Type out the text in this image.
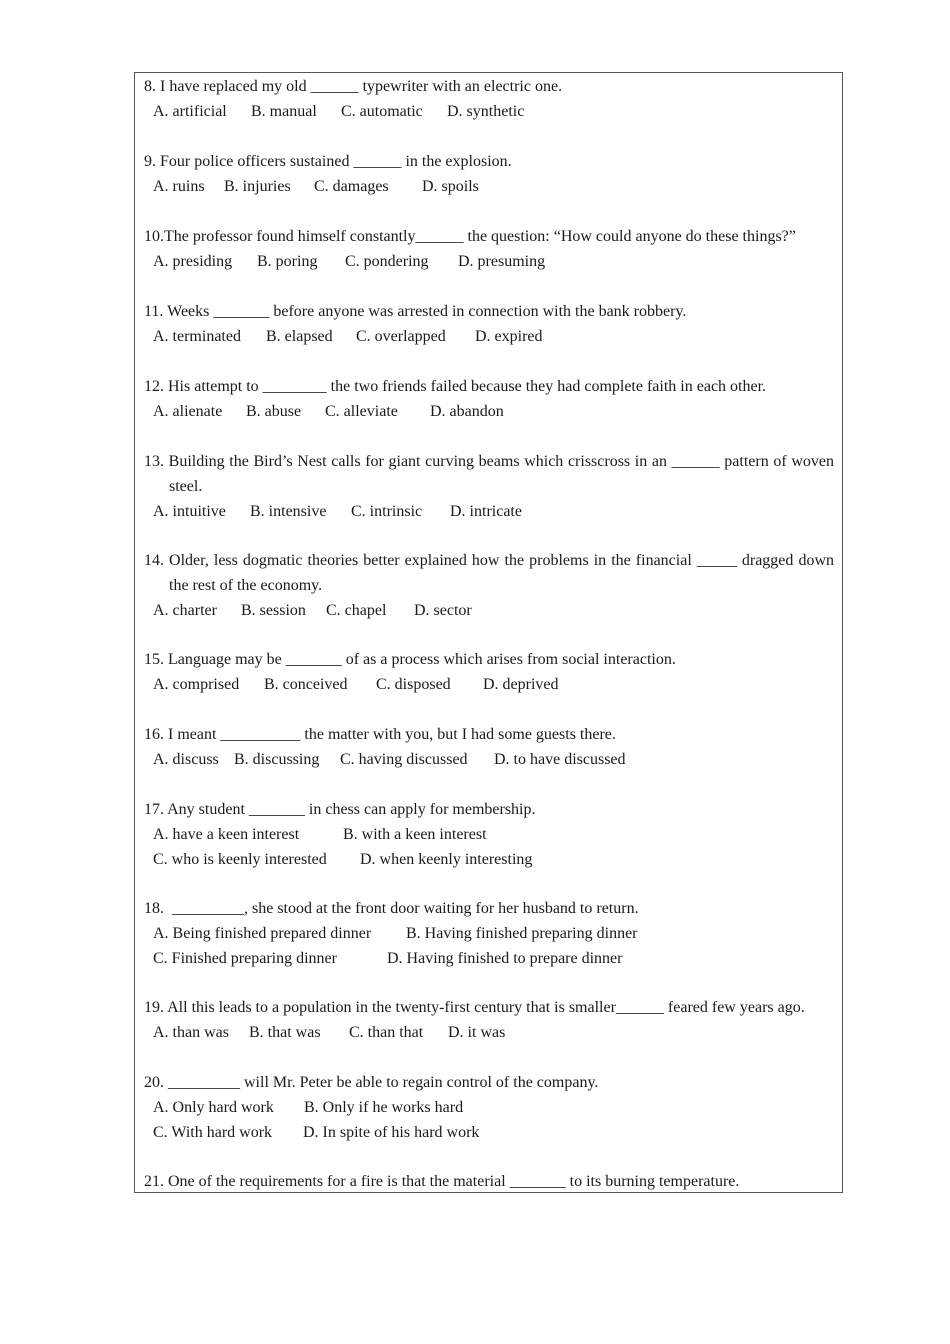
8. I have replaced my old ______ typewriter with an electric one.
A. artificial B. manual C. automatic D. synthetic
9. Four police officers sustained ______ in the explosion.
A. ruins B. injuries C. damages D. spoils
10.The professor found himself constantly______ the question: “How could anyone do these things?”
A. presiding B. poring C. pondering D. presuming
11. Weeks _______ before anyone was arrested in connection with the bank robbery.
A. terminated B. elapsed C. overlapped D. expired
12. His attempt to ________ the two friends failed because they had complete faith in each other.
A. alienate B. abuse C. alleviate D. abandon
13. Building the Bird’s Nest calls for giant curving beams which crisscross in an ______ pattern of woven steel.
A. intuitive B. intensive C. intrinsic D. intricate
14. Older, less dogmatic theories better explained how the problems in the financial _____ dragged down the rest of the economy.
A. charter B. session C. chapel D. sector
15. Language may be _______ of as a process which arises from social interaction.
A. comprised B. conceived C. disposed D. deprived
16. I meant __________ the matter with you, but I had some guests there.
A. discuss B. discussing C. having discussed D. to have discussed
17. Any student _______ in chess can apply for membership.
A. have a keen interest	B. with a keen interest
C. who is keenly interested D. when keenly interesting
18.  _________, she stood at the front door waiting for her husband to return.
A. Being finished prepared dinner B. Having finished preparing dinner
C. Finished preparing dinner	D. Having finished to prepare dinner
19. All this leads to a population in the twenty-first century that is smaller______ feared few years ago.
A. than was B. that was C. than that D. it was
20. _________ will Mr. Peter be able to regain control of the company.
A. Only hard work B. Only if he works hard
C. With hard work D. In spite of his hard work
21. One of the requirements for a fire is that the material _______ to its burning temperature.
